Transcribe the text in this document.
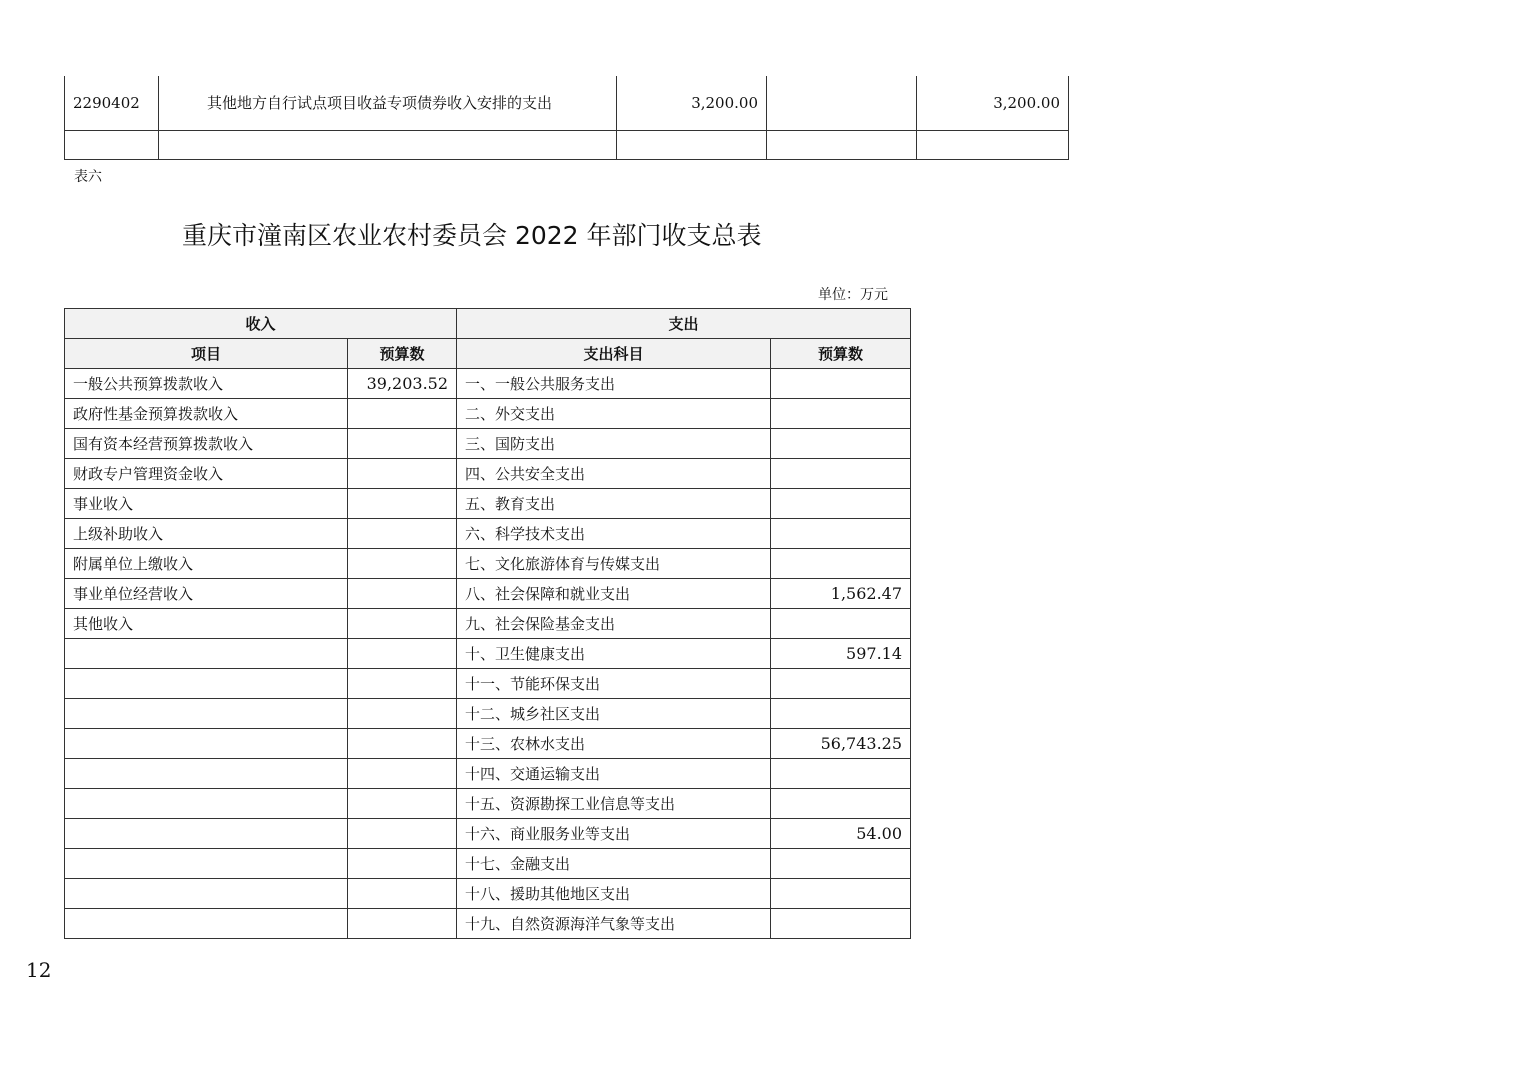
2290402	其他地方自行试点项目收益专项债券收入安排的支出	3,200.00		3,200.00

表六
重庆市潼南区农业农村委员会 2022 年部门收支总表
单位：万元
收入		支出	
项目	预算数	支出科目	预算数
一般公共预算拨款收入	39,203.52	一、一般公共服务支出	
政府性基金预算拨款收入		二、外交支出	
国有资本经营预算拨款收入		三、国防支出	
财政专户管理资金收入		四、公共安全支出	
事业收入		五、教育支出	
上级补助收入		六、科学技术支出	
附属单位上缴收入		七、文化旅游体育与传媒支出	
事业单位经营收入		八、社会保障和就业支出	1,562.47
其他收入		九、社会保险基金支出	
		十、卫生健康支出	597.14
		十一、节能环保支出	
		十二、城乡社区支出	
		十三、农林水支出	56,743.25
		十四、交通运输支出	
		十五、资源勘探工业信息等支出	
		十六、商业服务业等支出	54.00
		十七、金融支出	
		十八、援助其他地区支出	
		十九、自然资源海洋气象等支出	
12
